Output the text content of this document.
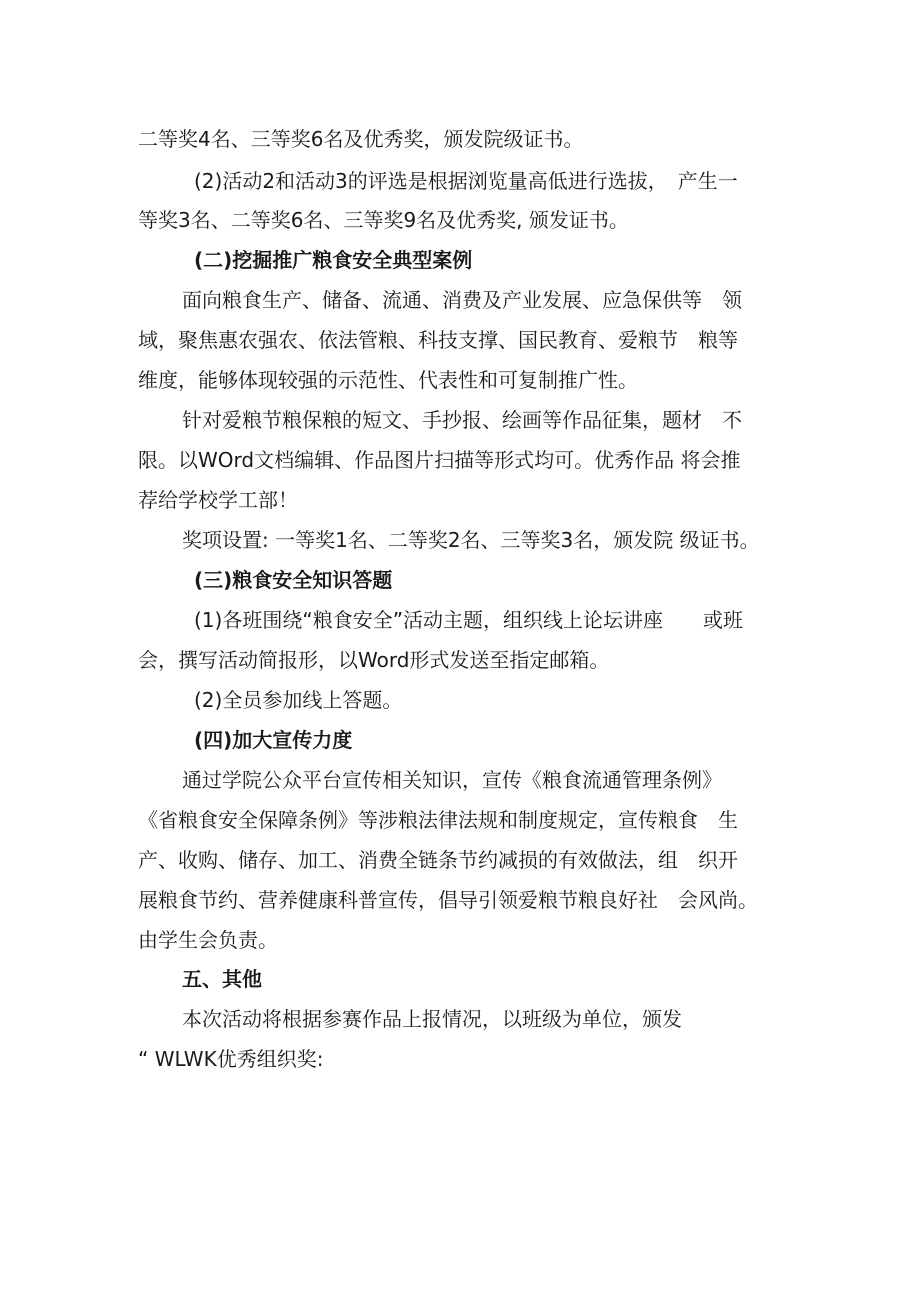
二等奖4名、三等奖6名及优秀奖，颁发院级证书。
(2)活动2和活动3的评选是根据浏览量高低进行选拔，　产生一
等奖3名、二等奖6名、三等奖9名及优秀奖, 颁发证书。
(二)挖掘推广粮食安全典型案例
面向粮食生产、储备、流通、消费及产业发展、应急保供等　领
域，聚焦惠农强农、依法管粮、科技支撑、国民教育、爱粮节　粮等
维度，能够体现较强的示范性、代表性和可复制推广性。
针对爱粮节粮保粮的短文、手抄报、绘画等作品征集，题材　不
限。以WOrd文档编辑、作品图片扫描等形式均可。优秀作品 将会推
荐给学校学工部！
奖项设置: 一等奖1名、二等奖2名、三等奖3名，颁发院 级证书。
(三)粮食安全知识答题
(1)各班围绕“粮食安全”活动主题，组织线上论坛讲座　　或班
会，撰写活动简报形，以Word形式发送至指定邮箱。
(2)全员参加线上答题。
(四)加大宣传力度
通过学院公众平台宣传相关知识，宣传《粮食流通管理条例》
《省粮食安全保障条例》等涉粮法律法规和制度规定，宣传粮食　生
产、收购、储存、加工、消费全链条节约减损的有效做法，组　织开
展粮食节约、营养健康科普宣传，倡导引领爱粮节粮良好社　会风尚。
由学生会负责。
五、其他
本次活动将根据参赛作品上报情况，以班级为单位，颁发
“ WLWK优秀组织奖:
